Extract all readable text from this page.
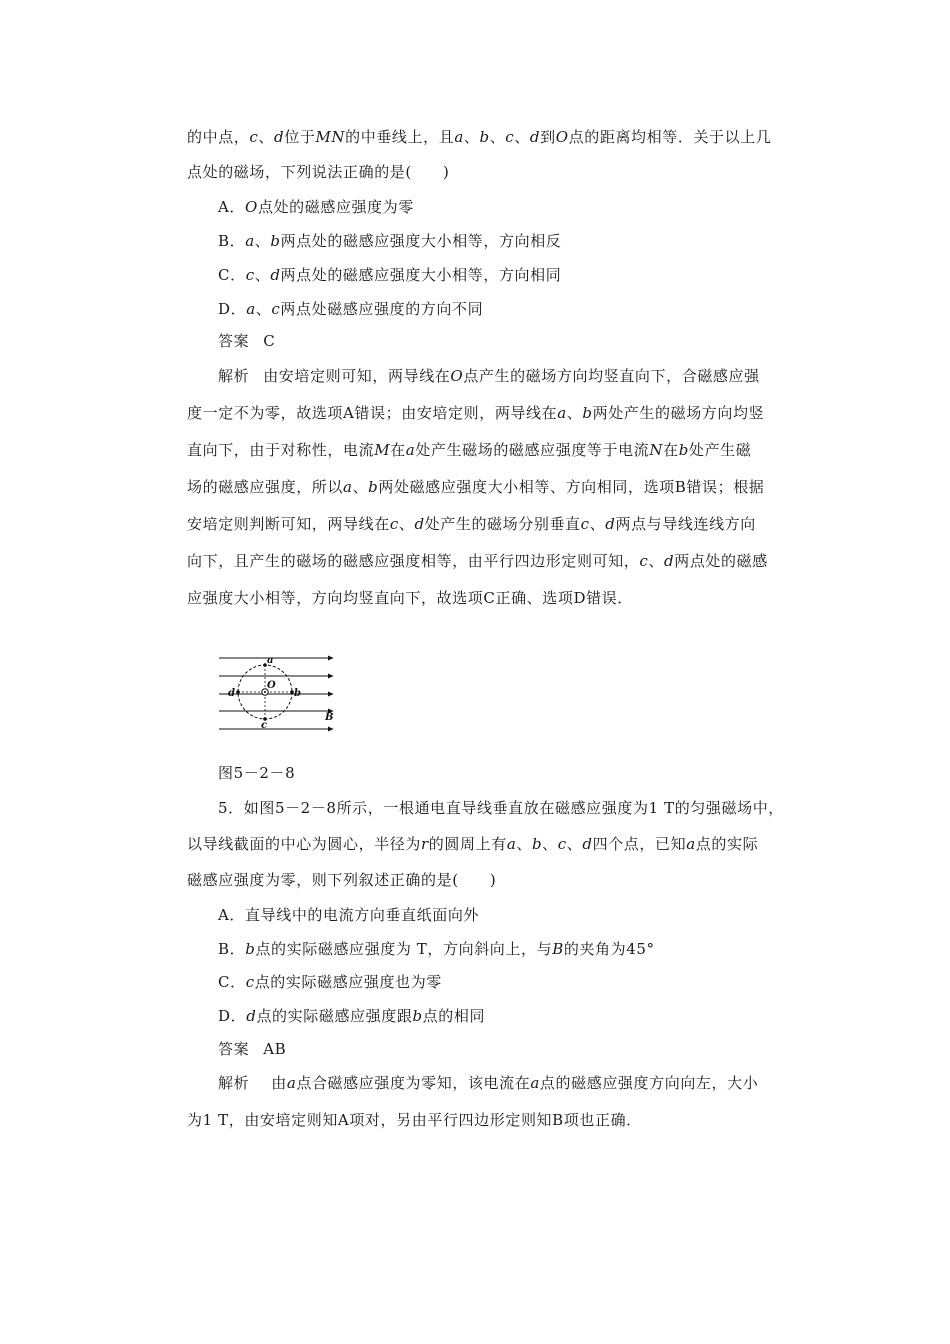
的中点，c、d位于MN的中垂线上，且a、b、c、d到O点的距离均相等．关于以上几
点处的磁场，下列说法正确的是(　　)
A．O点处的磁感应强度为零
B．a、b两点处的磁感应强度大小相等，方向相反
C．c、d两点处的磁感应强度大小相等，方向相同
D．a、c两点处磁感应强度的方向不同
答案 C
解析 由安培定则可知，两导线在O点产生的磁场方向均竖直向下，合磁感应强
度一定不为零，故选项A错误；由安培定则，两导线在a、b两处产生的磁场方向均竖
直向下，由于对称性，电流M在a处产生磁场的磁感应强度等于电流N在b处产生磁
场的磁感应强度，所以a、b两处磁感应强度大小相等、方向相同，选项B错误；根据
安培定则判断可知，两导线在c、d处产生的磁场分别垂直c、d两点与导线连线方向
向下，且产生的磁场的磁感应强度相等，由平行四边形定则可知，c、d两点处的磁感
应强度大小相等，方向均竖直向下，故选项C正确、选项D错误．
a
b
c
d
O
B
图5－2－8
5．如图5－2－8所示，一根通电直导线垂直放在磁感应强度为1 T的匀强磁场中，
以导线截面的中心为圆心，半径为r的圆周上有a、b、c、d四个点，已知a点的实际
磁感应强度为零，则下列叙述正确的是(　　)
A．直导线中的电流方向垂直纸面向外
B．b点的实际磁感应强度为 T，方向斜向上，与B的夹角为45°
C．c点的实际磁感应强度也为零
D．d点的实际磁感应强度跟b点的相同
答案 AB
解析 由a点合磁感应强度为零知，该电流在a点的磁感应强度方向向左，大小
为1 T，由安培定则知A项对，另由平行四边形定则知B项也正确．
